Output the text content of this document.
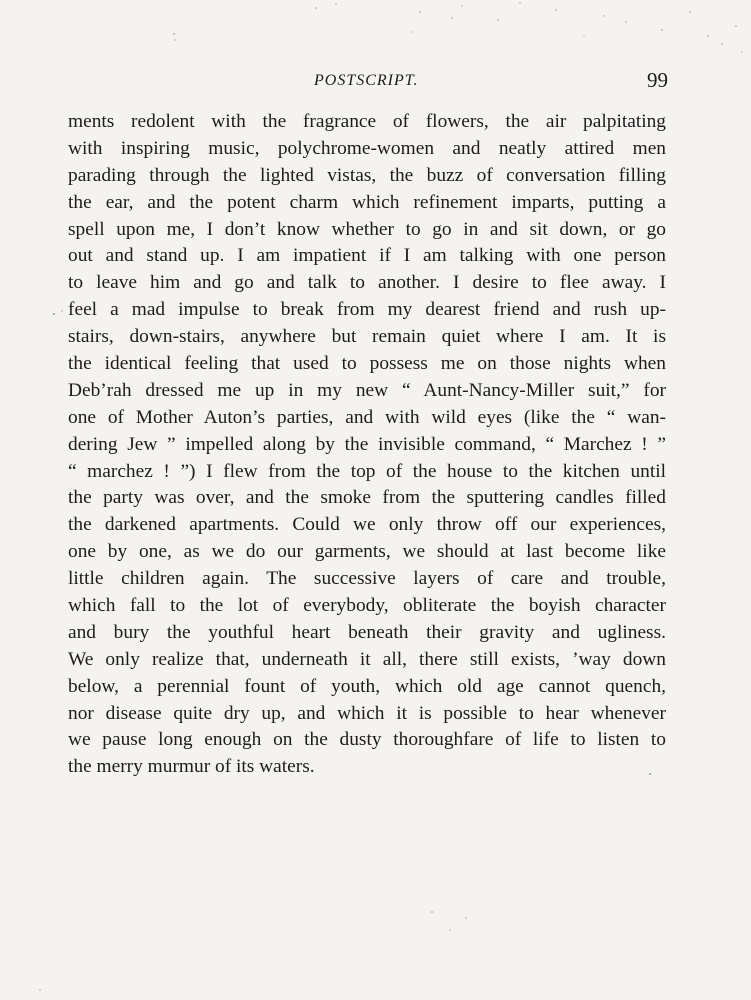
POSTSCRIPT.	99
ments redolent with the fragrance of flowers, the air palpitating
with inspiring music, polychrome-women and neatly attired men
parading through the lighted vistas, the buzz of conversation filling
the ear, and the potent charm which refinement imparts, putting a
spell upon me, I don’t know whether to go in and sit down, or go
out and stand up. I am impatient if I am talking with one person
to leave him and go and talk to another. I desire to flee away. I
feel a mad impulse to break from my dearest friend and rush up-
stairs, down-stairs, anywhere but remain quiet where I am. It is
the identical feeling that used to possess me on those nights when
Deb’rah dressed me up in my new “ Aunt-Nancy-Miller suit,” for
one of Mother Auton’s parties, and with wild eyes (like the “ wan-
dering Jew ” impelled along by the invisible command, “ Marchez ! ”
“ marchez ! ”) I flew from the top of the house to the kitchen until
the party was over, and the smoke from the sputtering candles filled
the darkened apartments. Could we only throw off our experiences,
one by one, as we do our garments, we should at last become like
little children again. The successive layers of care and trouble,
which fall to the lot of everybody, obliterate the boyish character
and bury the youthful heart beneath their gravity and ugliness.
We only realize that, underneath it all, there still exists, ’way down
below, a perennial fount of youth, which old age cannot quench,
nor disease quite dry up, and which it is possible to hear whenever
we pause long enough on the dusty thoroughfare of life to listen to
the merry murmur of its waters.
